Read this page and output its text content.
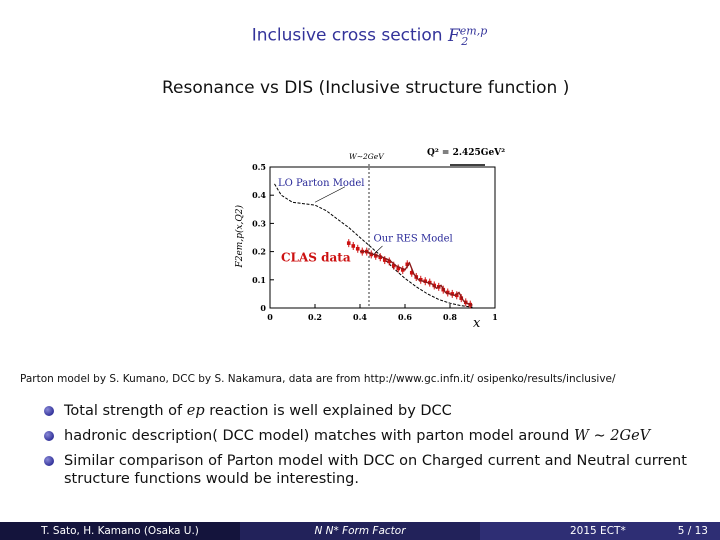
Inclusive cross section $F^{em,p}_2$
Resonance vs DIS (Inclusive structure function )
0	0.2	0.4	0.6	0.8	1
0
0.1
0.2
0.3
0.4
0.5
x
F2em,p(x,Q2)
W∼2GeV	Q² = 2.425GeV²
LO Parton Model
Our RES Model
CLAS data
Parton model by S. Kumano, DCC by S. Nakamura, data are from http://www.gc.infn.it/ osipenko/results/inclusive/
Total strength of ep reaction is well explained by DCC
hadronic description( DCC model) matches with parton model around W ∼ 2GeV
Similar comparison of Parton model with DCC on Charged current and Neutral current structure functions would be interesting.
T. Sato, H. Kamano (Osaka U.)	N N* Form Factor	2015 ECT*	5 / 13
